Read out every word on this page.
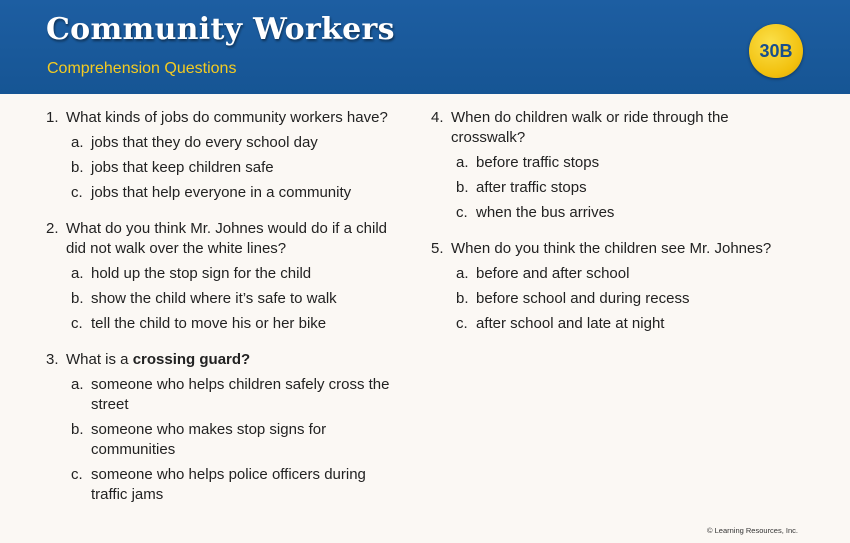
Community Workers
Comprehension Questions
30B
1. What kinds of jobs do community workers have?
a. jobs that they do every school day
b. jobs that keep children safe
c. jobs that help everyone in a community
2. What do you think Mr. Johnes would do if a child did not walk over the white lines?
a. hold up the stop sign for the child
b. show the child where it’s safe to walk
c. tell the child to move his or her bike
3. What is a crossing guard?
a. someone who helps children safely cross the street
b. someone who makes stop signs for communities
c. someone who helps police officers during traffic jams
4. When do children walk or ride through the crosswalk?
a. before traffic stops
b. after traffic stops
c. when the bus arrives
5. When do you think the children see Mr. Johnes?
a. before and after school
b. before school and during recess
c. after school and late at night
© Learning Resources, Inc.
